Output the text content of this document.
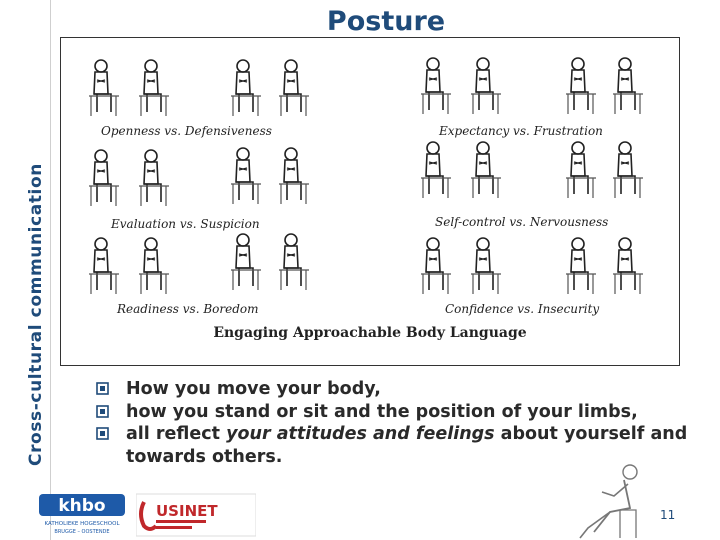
Cross-cultural communication
Posture
Openness vs. Defensiveness	Expectancy vs. Frustration
Evaluation vs. Suspicion	Self-control vs. Nervousness
Readiness vs. Boredom	Confidence vs. Insecurity
Engaging Approachable Body Language
How you move your body,
how you stand or sit and the position of your limbs,
all reflect your attitudes and feelings about yourself and towards others.
khbo
KATHOLIEKE HOGESCHOOL
BRUGGE – OOSTENDE
USINET	11
